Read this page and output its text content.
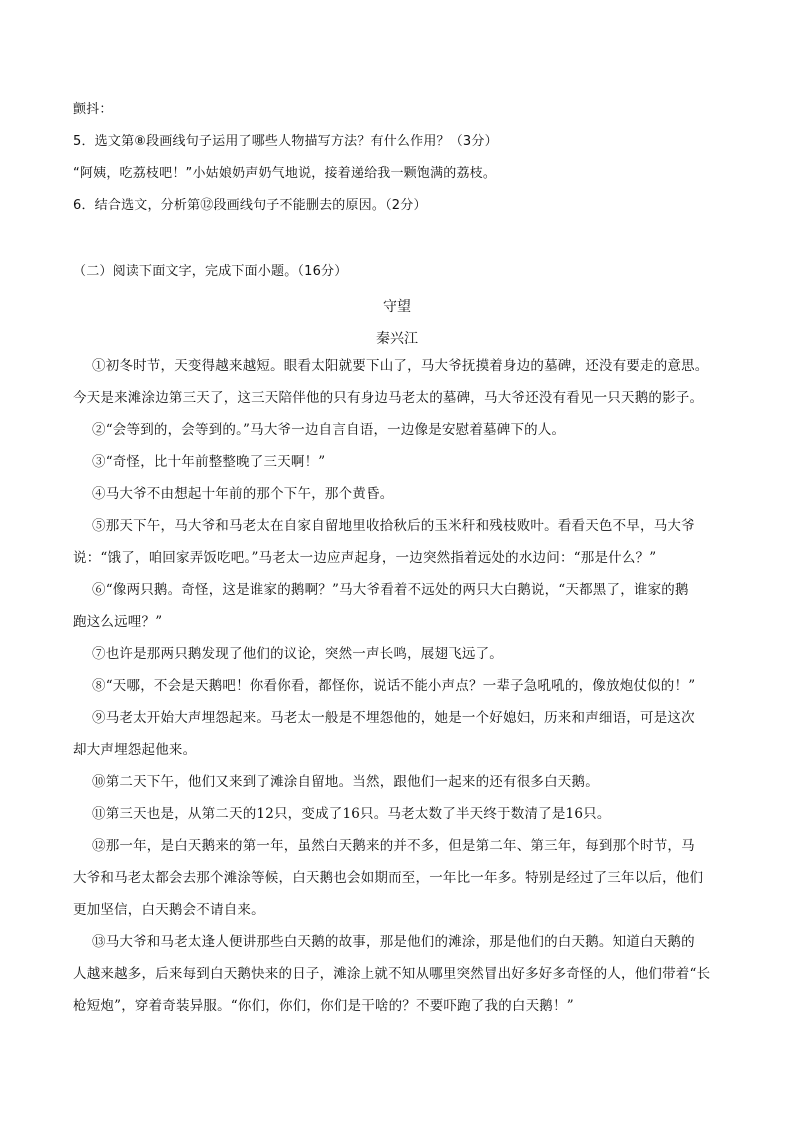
颤抖：
5．选文第⑧段画线句子运用了哪些人物描写方法？有什么作用？（3分）
“阿姨，吃荔枝吧！”小姑娘奶声奶气地说，接着递给我一颗饱满的荔枝。
6．结合选文，分析第⑫段画线句子不能删去的原因。（2分）
（二）阅读下面文字，完成下面小题。（16分）
守望
秦兴江
①初冬时节，天变得越来越短。眼看太阳就要下山了，马大爷抚摸着身边的墓碑，还没有要走的意思。
今天是来滩涂边第三天了，这三天陪伴他的只有身边马老太的墓碑，马大爷还没有看见一只天鹅的影子。
②“会等到的，会等到的。”马大爷一边自言自语，一边像是安慰着墓碑下的人。
③“奇怪，比十年前整整晚了三天啊！”
④马大爷不由想起十年前的那个下午，那个黄昏。
⑤那天下午，马大爷和马老太在自家自留地里收拾秋后的玉米秆和残枝败叶。看看天色不早，马大爷
说：“饿了，咱回家弄饭吃吧。”马老太一边应声起身，一边突然指着远处的水边问：“那是什么？”
⑥“像两只鹅。奇怪，这是谁家的鹅啊？”马大爷看着不远处的两只大白鹅说，“天都黑了，谁家的鹅
跑这么远哩？”
⑦也许是那两只鹅发现了他们的议论，突然一声长鸣，展翅飞远了。
⑧“天哪，不会是天鹅吧！你看你看，都怪你，说话不能小声点？一辈子急吼吼的，像放炮仗似的！”
⑨马老太开始大声埋怨起来。马老太一般是不埋怨他的，她是一个好媳妇，历来和声细语，可是这次
却大声埋怨起他来。
⑩第二天下午，他们又来到了滩涂自留地。当然，跟他们一起来的还有很多白天鹅。
⑪第三天也是，从第二天的12只，变成了16只。马老太数了半天终于数清了是16只。
⑫那一年，是白天鹅来的第一年，虽然白天鹅来的并不多，但是第二年、第三年，每到那个时节，马
大爷和马老太都会去那个滩涂等候，白天鹅也会如期而至，一年比一年多。特别是经过了三年以后，他们
更加坚信，白天鹅会不请自来。
⑬马大爷和马老太逢人便讲那些白天鹅的故事，那是他们的滩涂，那是他们的白天鹅。知道白天鹅的
人越来越多，后来每到白天鹅快来的日子，滩涂上就不知从哪里突然冒出好多好多奇怪的人，他们带着“长
枪短炮”，穿着奇装异服。“你们，你们，你们是干啥的？不要吓跑了我的白天鹅！”
